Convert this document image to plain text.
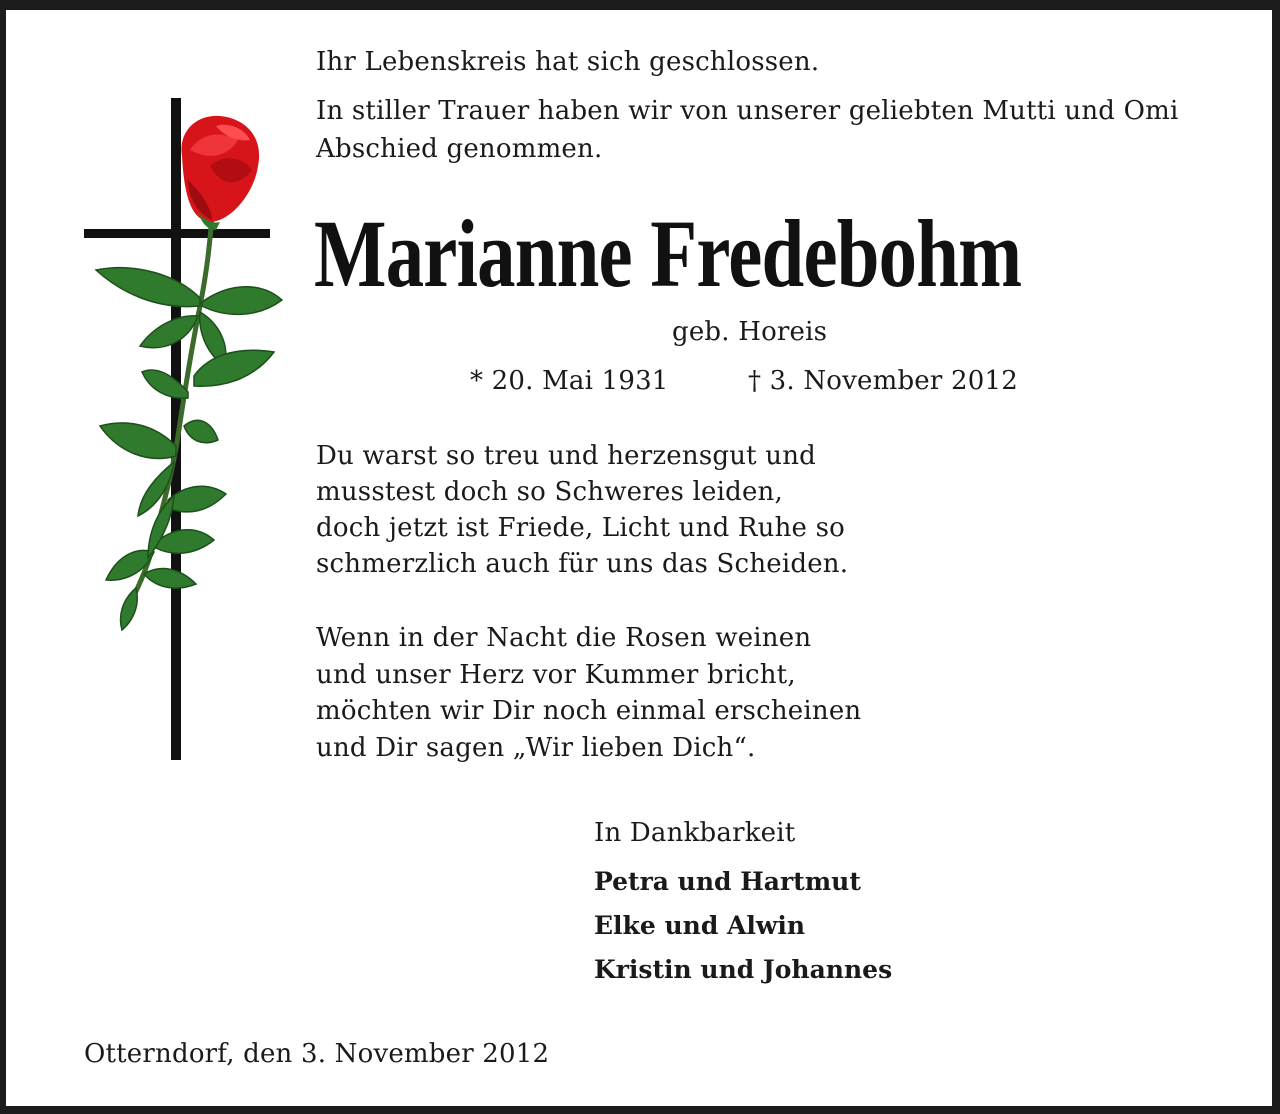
Ihr Lebenskreis hat sich geschlossen.

In stiller Trauer haben wir von unserer geliebten Mutti und Omi Abschied genommen.

Marianne Fredebohm

geb. Horeis

* 20. Mai 1931	† 3. November 2012

Du warst so treu und herzensgut und

musstest doch so Schweres leiden,

doch jetzt ist Friede, Licht und Ruhe so

schmerzlich auch für uns das Scheiden.

Wenn in der Nacht die Rosen weinen

und unser Herz vor Kummer bricht,

möchten wir Dir noch einmal erscheinen

und Dir sagen „Wir lieben Dich“.

In Dankbarkeit

Petra und Hartmut

Elke und Alwin

Kristin und Johannes

Otterndorf, den 3. November 2012
